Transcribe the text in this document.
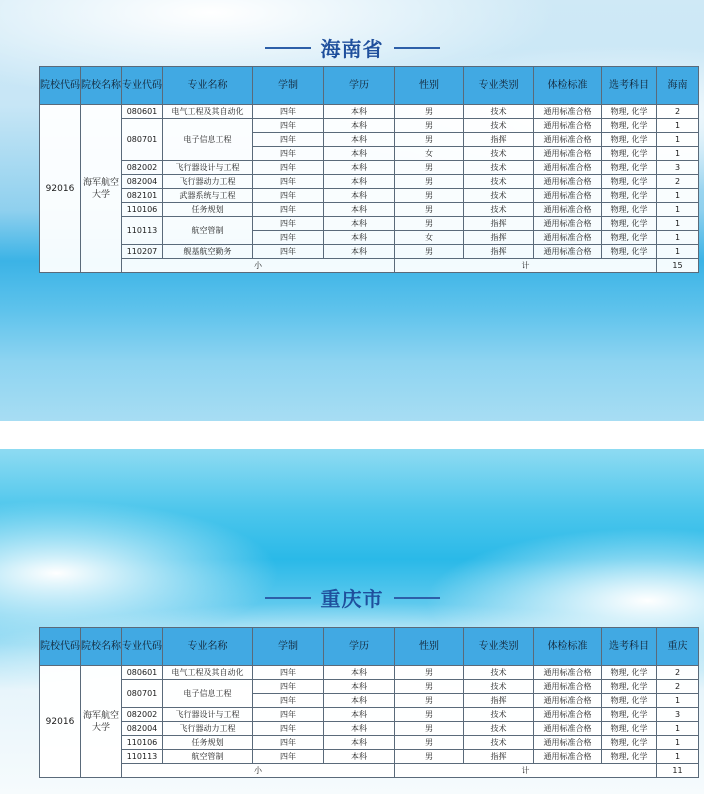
海南省
院校代码	院校名称	专业代码	专业名称	学制	学历	性别	专业类别	体检标准	选考科目	海南
92016	海军航空大学	080601	电气工程及其自动化	四年	本科	男	技术	通用标准合格	物理, 化学	2
		080701	电子信息工程	四年	本科	男	技术	通用标准合格	物理, 化学	1
				四年	本科	男	指挥	通用标准合格	物理, 化学	1
				四年	本科	女	技术	通用标准合格	物理, 化学	1
		082002	飞行器设计与工程	四年	本科	男	技术	通用标准合格	物理, 化学	3
		082004	飞行器动力工程	四年	本科	男	技术	通用标准合格	物理, 化学	2
		082101	武器系统与工程	四年	本科	男	技术	通用标准合格	物理, 化学	1
		110106	任务规划	四年	本科	男	技术	通用标准合格	物理, 化学	1
		110113	航空管制	四年	本科	男	指挥	通用标准合格	物理, 化学	1
				四年	本科	女	指挥	通用标准合格	物理, 化学	1
		110207	舰基航空勤务	四年	本科	男	指挥	通用标准合格	物理, 化学	1
		小				计				15
重庆市
院校代码	院校名称	专业代码	专业名称	学制	学历	性别	专业类别	体检标准	选考科目	重庆
92016	海军航空大学	080601	电气工程及其自动化	四年	本科	男	技术	通用标准合格	物理, 化学	2
		080701	电子信息工程	四年	本科	男	技术	通用标准合格	物理, 化学	2
				四年	本科	男	指挥	通用标准合格	物理, 化学	1
		082002	飞行器设计与工程	四年	本科	男	技术	通用标准合格	物理, 化学	3
		082004	飞行器动力工程	四年	本科	男	技术	通用标准合格	物理, 化学	1
		110106	任务规划	四年	本科	男	技术	通用标准合格	物理, 化学	1
		110113	航空管制	四年	本科	男	指挥	通用标准合格	物理, 化学	1
		小				计				11
